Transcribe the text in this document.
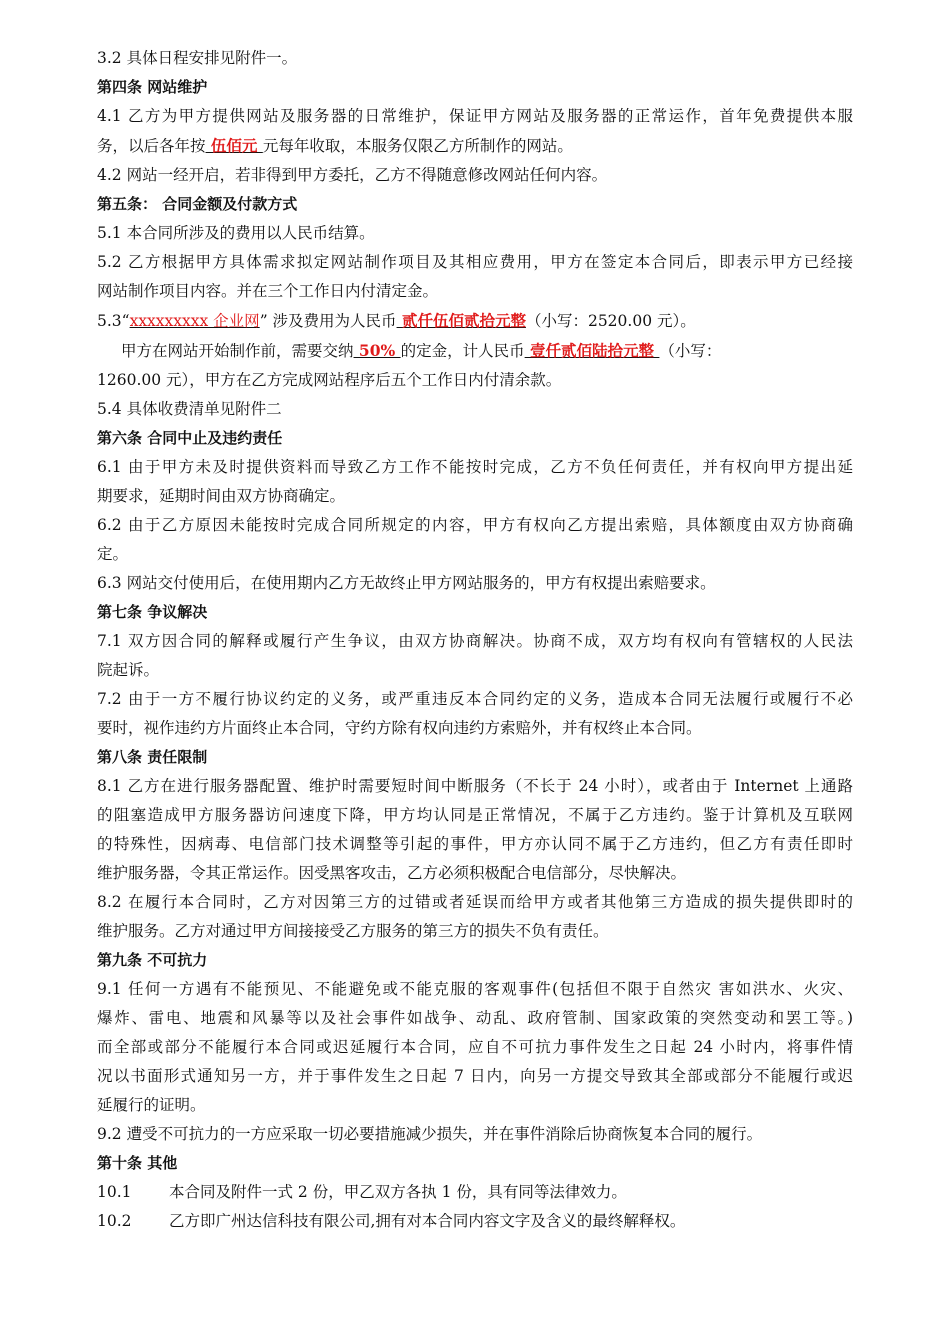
3.2 具体日程安排见附件一。

第四条 网站维护

4.1 乙方为甲方提供网站及服务器的日常维护，保证甲方网站及服务器的正常运作，首年免费提供本服

务，以后各年按 伍佰元 元每年收取，本服务仅限乙方所制作的网站。

4.2 网站一经开启，若非得到甲方委托，乙方不得随意修改网站任何内容。

第五条： 合同金额及付款方式

5.1 本合同所涉及的费用以人民币结算。

5.2 乙方根据甲方具体需求拟定网站制作项目及其相应费用，甲方在签定本合同后，即表示甲方已经接

网站制作项目内容。并在三个工作日内付清定金。

5.3“xxxxxxxxx 企业网” 涉及费用为人民币 贰仟伍佰贰拾元整（小写：2520.00 元）。

甲方在网站开始制作前，需要交纳 50% 的定金，计人民币 壹仟贰佰陆拾元整 （小写：

1260.00 元），甲方在乙方完成网站程序后五个工作日内付清余款。

5.4 具体收费清单见附件二

第六条 合同中止及违约责任

6.1 由于甲方未及时提供资料而导致乙方工作不能按时完成，乙方不负任何责任，并有权向甲方提出延

期要求，延期时间由双方协商确定。

6.2 由于乙方原因未能按时完成合同所规定的内容，甲方有权向乙方提出索赔，具体额度由双方协商确

定。

6.3 网站交付使用后，在使用期内乙方无故终止甲方网站服务的，甲方有权提出索赔要求。

第七条 争议解决

7.1 双方因合同的解释或履行产生争议，由双方协商解决。协商不成，双方均有权向有管辖权的人民法

院起诉。

7.2 由于一方不履行协议约定的义务，或严重违反本合同约定的义务，造成本合同无法履行或履行不必

要时，视作违约方片面终止本合同，守约方除有权向违约方索赔外，并有权终止本合同。

第八条 责任限制

8.1 乙方在进行服务器配置、维护时需要短时间中断服务（不长于 24 小时），或者由于 Internet 上通路

的阻塞造成甲方服务器访问速度下降，甲方均认同是正常情况，不属于乙方违约。鉴于计算机及互联网

的特殊性，因病毒、电信部门技术调整等引起的事件，甲方亦认同不属于乙方违约，但乙方有责任即时

维护服务器，令其正常运作。因受黑客攻击，乙方必须积极配合电信部分，尽快解决。

8.2 在履行本合同时，乙方对因第三方的过错或者延误而给甲方或者其他第三方造成的损失提供即时的

维护服务。乙方对通过甲方间接接受乙方服务的第三方的损失不负有责任。

第九条 不可抗力

9.1 任何一方遇有不能预见、不能避免或不能克服的客观事件(包括但不限于自然灾 害如洪水、火灾、

爆炸、雷电、地震和风暴等以及社会事件如战争、动乱、政府管制、国家政策的突然变动和罢工等。)

而全部或部分不能履行本合同或迟延履行本合同，应自不可抗力事件发生之日起 24 小时内，将事件情

况以书面形式通知另一方，并于事件发生之日起 7 日内，向另一方提交导致其全部或部分不能履行或迟

延履行的证明。

9.2 遭受不可抗力的一方应采取一切必要措施减少损失，并在事件消除后协商恢复本合同的履行。

第十条 其他

10.1 本合同及附件一式 2 份，甲乙双方各执 1 份，具有同等法律效力。

10.2 乙方即广州达信科技有限公司,拥有对本合同内容文字及含义的最终解释权。
